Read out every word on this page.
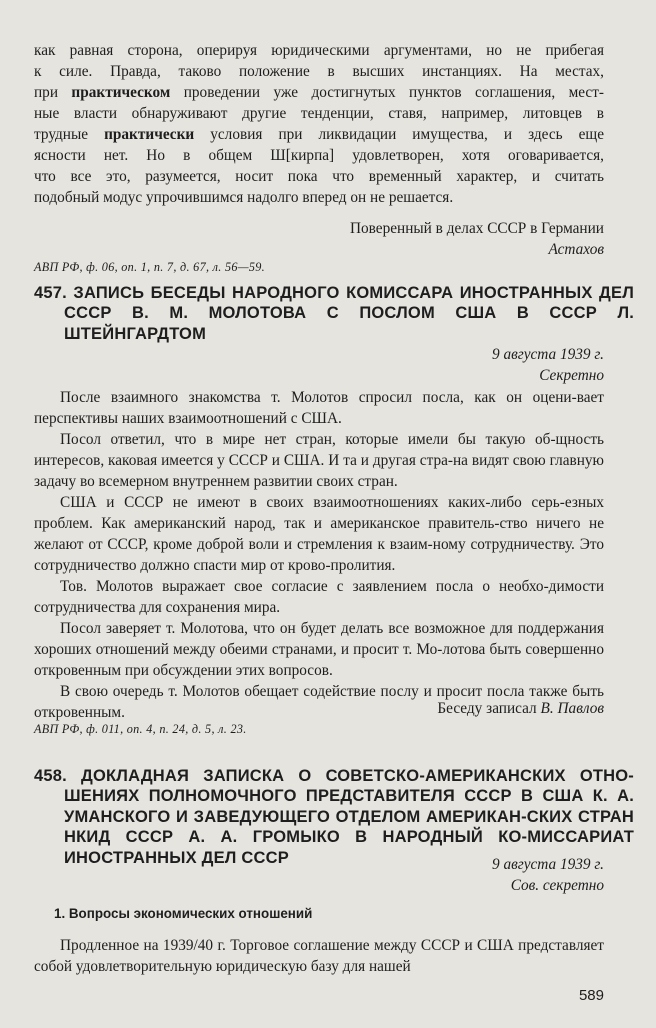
как равная сторона, оперируя юридическими аргументами, но не прибегая

к силе. Правда, таково положение в высших инстанциях. На местах,

при практическом проведении уже достигнутых пунктов соглашения, мест-

ные власти обнаруживают другие тенденции, ставя, например, литовцев в

трудные практически условия при ликвидации имущества, и здесь еще

ясности нет. Но в общем Ш[кирпа] удовлетворен, хотя оговаривается,

что все это, разумеется, носит пока что временный характер, и считать

подобный модус упрочившимся надолго вперед он не решается.

Поверенный в делах СССР в Германии
Астахов
АВП РФ, ф. 06, оп. 1, п. 7, д. 67, л. 56—59.
457. ЗАПИСЬ БЕСЕДЫ НАРОДНОГО КОМИССАРА ИНОСТРАННЫХ ДЕЛ СССР В. М. МОЛОТОВА С ПОСЛОМ США В СССР Л. ШТЕЙНГАРДТОМ
9 августа 1939 г.
Секретно

После взаимного знакомства т. Молотов спросил посла, как он оцени-вает перспективы наших взаимоотношений с США.

Посол ответил, что в мире нет стран, которые имели бы такую об-щность интересов, каковая имеется у СССР и США. И та и другая стра-на видят свою главную задачу во всемерном внутреннем развитии своих стран.

США и СССР не имеют в своих взаимоотношениях каких-либо серь-езных проблем. Как американский народ, так и американское правитель-ство ничего не желают от СССР, кроме доброй воли и стремления к взаим-ному сотрудничеству. Это сотрудничество должно спасти мир от крово-пролития.

Тов. Молотов выражает свое согласие с заявлением посла о необхо-димости сотрудничества для сохранения мира.

Посол заверяет т. Молотова, что он будет делать все возможное для поддержания хороших отношений между обеими странами, и просит т. Мо-лотова быть совершенно откровенным при обсуждении этих вопросов.

В свою очередь т. Молотов обещает содействие послу и просит посла также быть откровенным.	Беседу записал В. Павлов
АВП РФ, ф. 011, оп. 4, п. 24, д. 5, л. 23.
458. ДОКЛАДНАЯ ЗАПИСКА О СОВЕТСКО-АМЕРИКАНСКИХ ОТНО-ШЕНИЯХ ПОЛНОМОЧНОГО ПРЕДСТАВИТЕЛЯ СССР В США К. А. УМАНСКОГО И ЗАВЕДУЮЩЕГО ОТДЕЛОМ АМЕРИКАН-СКИХ СТРАН НКИД СССР А. А. ГРОМЫКО В НАРОДНЫЙ КО-МИССАРИАТ ИНОСТРАННЫХ ДЕЛ СССР	9 августа 1939 г.
Сов. секретно
1. Вопросы экономических отношений

Продленное на 1939/40 г. Торговое соглашение между СССР и США представляет собой удовлетворительную юридическую базу для нашей

589
